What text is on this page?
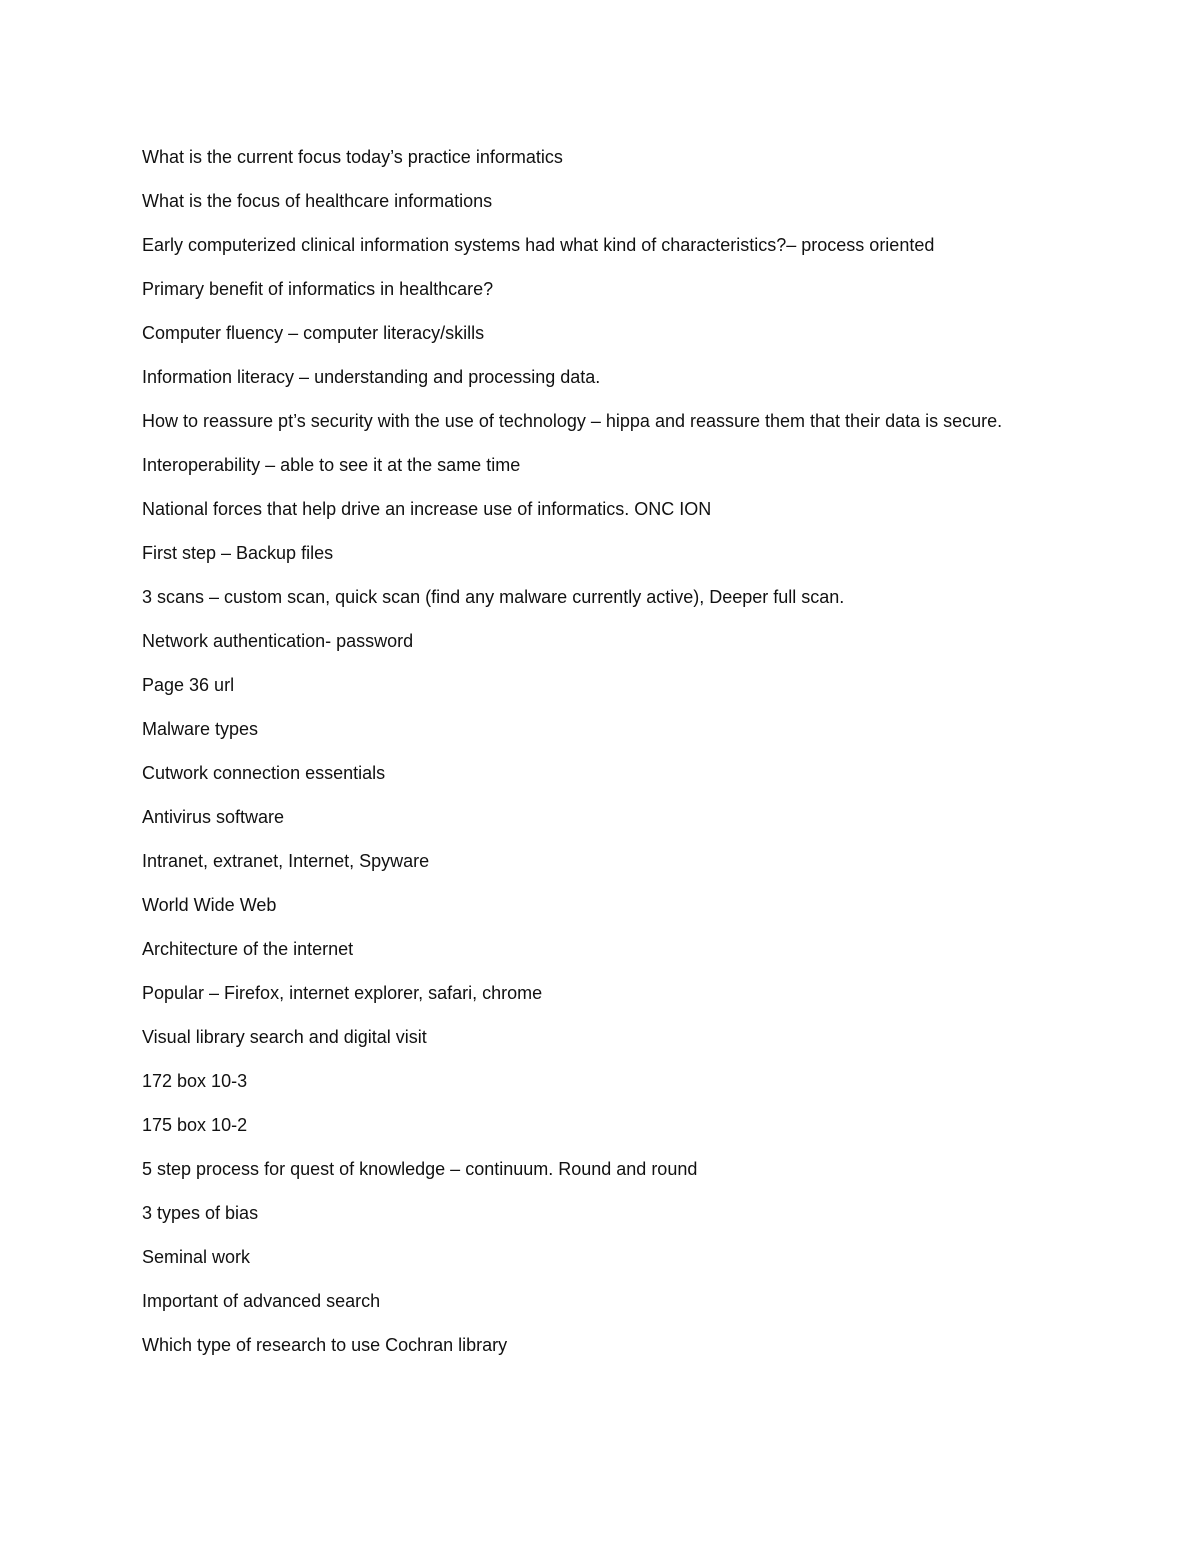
What is the current focus today’s practice informatics

What is the focus of healthcare informations

Early computerized clinical information systems had what kind of characteristics?– process oriented

Primary benefit of informatics in healthcare?

Computer fluency – computer literacy/skills

Information literacy – understanding and processing data.

How to reassure pt’s security with the use of technology – hippa and reassure them that their data is secure.

Interoperability – able to see it at the same time

National forces that help drive an increase use of informatics. ONC ION

First step – Backup files

3 scans – custom scan, quick scan (find any malware currently active), Deeper full scan.

Network authentication- password

Page 36 url

Malware types

Cutwork connection essentials

Antivirus software

Intranet, extranet, Internet, Spyware

World Wide Web

Architecture of the internet

Popular – Firefox, internet explorer, safari, chrome

Visual library search and digital visit

172 box 10-3

175 box 10-2

5 step process for quest of knowledge – continuum. Round and round

3 types of bias

Seminal work

Important of advanced search

Which type of research to use Cochran library
